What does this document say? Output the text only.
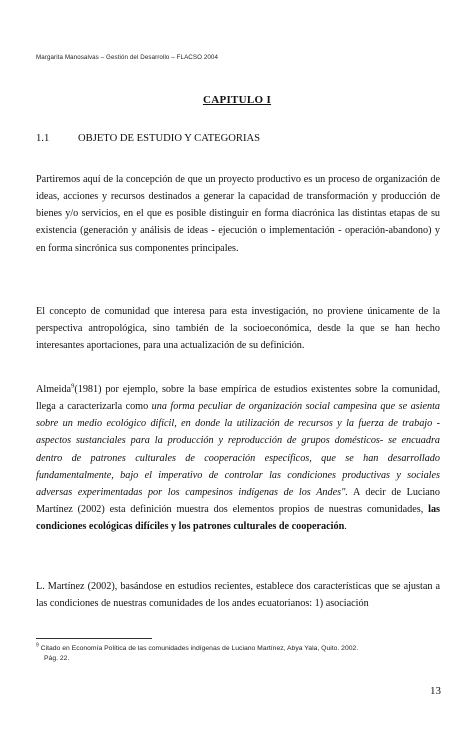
Margarita Manosalvas – Gestión del Desarrollo – FLACSO 2004
CAPITULO I
1.1	OBJETO DE ESTUDIO Y CATEGORIAS

Partiremos aquí de la concepción de que un proyecto productivo es un proceso de organización de ideas, acciones y recursos destinados a generar la capacidad de transformación y producción de bienes y/o servicios, en el que es posible distinguir en forma diacrónica las distintas etapas de su existencia (generación y análisis de ideas - ejecución o implementación - operación-abandono) y en forma sincrónica sus componentes principales.

El concepto de comunidad que interesa para esta investigación, no proviene únicamente de la perspectiva antropológica, sino también de la socioeconómica, desde la que se han hecho interesantes aportaciones, para una actualización de su definición.

Almeida$^9$(1981) por ejemplo, sobre la base empírica de estudios existentes sobre la comunidad, llega a caracterizarla como una forma peculiar de organización social campesina que se asienta sobre un medio ecológico difícil, en donde la utilización de recursos y la fuerza de trabajo -aspectos sustanciales para la producción y reproducción de grupos domésticos- se encuadra dentro de patrones culturales de cooperación específicos, que se han desarrollado fundamentalmente, bajo el imperativo de controlar las condiciones productivas y sociales adversas experimentadas por los campesinos indígenas de los Andes". A decir de Luciano Martínez (2002) esta definición muestra dos elementos propios de nuestras comunidades, las condiciones ecológicas difíciles y los patrones culturales de cooperación.

L. Martínez (2002), basándose en estudios recientes, establece dos características que se ajustan a las condiciones de nuestras comunidades de los andes ecuatorianos: 1) asociación

$^9$ Citado en Economía Política de las comunidades indígenas de Luciano Martínez, Abya Yala, Quito. 2002.
Pág. 22.
13
